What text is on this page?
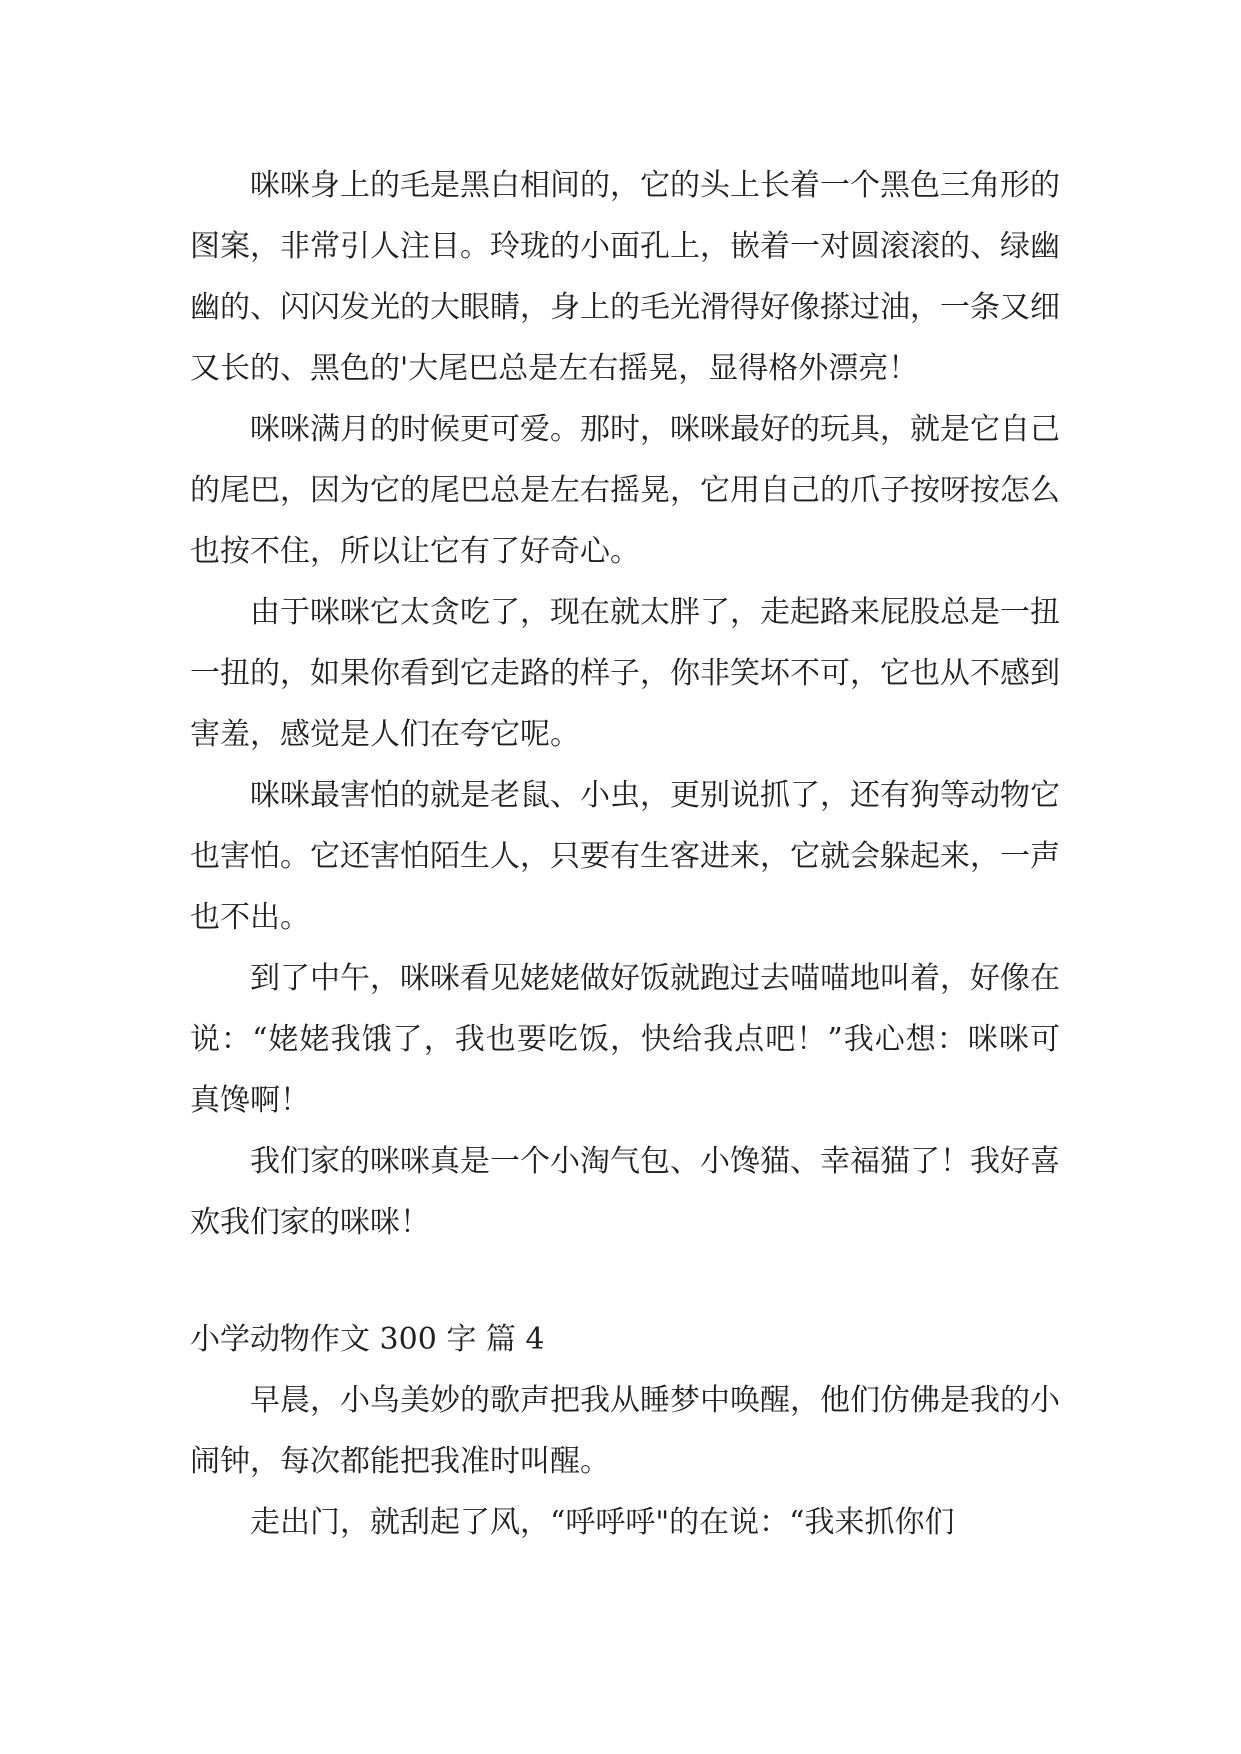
咪咪身上的毛是黑白相间的，它的头上长着一个黑色三角形的图案，非常引人注目。玲珑的小面孔上，嵌着一对圆滚滚的、绿幽幽的、闪闪发光的大眼睛，身上的毛光滑得好像搽过油，一条又细又长的、黑色的'大尾巴总是左右摇晃，显得格外漂亮！

咪咪满月的时候更可爱。那时，咪咪最好的玩具，就是它自己的尾巴，因为它的尾巴总是左右摇晃，它用自己的爪子按呀按怎么也按不住，所以让它有了好奇心。

由于咪咪它太贪吃了，现在就太胖了，走起路来屁股总是一扭一扭的，如果你看到它走路的样子，你非笑坏不可，它也从不感到害羞，感觉是人们在夸它呢。

咪咪最害怕的就是老鼠、小虫，更别说抓了，还有狗等动物它也害怕。它还害怕陌生人，只要有生客进来，它就会躲起来，一声也不出。

到了中午，咪咪看见姥姥做好饭就跑过去喵喵地叫着，好像在说：“姥姥我饿了，我也要吃饭，快给我点吧！”我心想：咪咪可真馋啊！

我们家的咪咪真是一个小淘气包、小馋猫、幸福猫了！我好喜欢我们家的咪咪！

小学动物作文 300 字 篇 4

早晨，小鸟美妙的歌声把我从睡梦中唤醒，他们仿佛是我的小闹钟，每次都能把我准时叫醒。

走出门，就刮起了风，“呼呼呼"的在说：“我来抓你们
